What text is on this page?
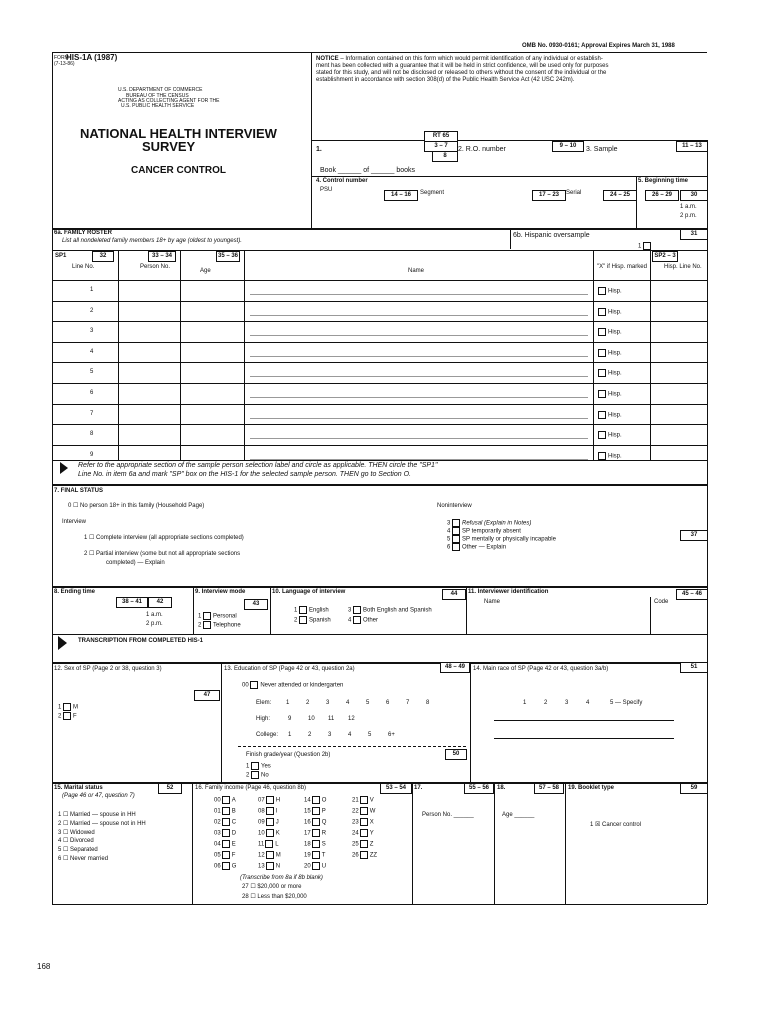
OMB No. 0930-0161; Approval Expires March 31, 1988
FORM
HIS-1A (1987)
(7-13-86)
U.S. DEPARTMENT OF COMMERCE
BUREAU OF THE CENSUS
ACTING AS COLLECTING AGENT FOR THE
U.S. PUBLIC HEALTH SERVICE
NATIONAL HEALTH INTERVIEW
SURVEY
CANCER CONTROL
NOTICE – Information contained on this form which would permit identification of any individual or establish-
ment has been collected with a guarantee that it will be held in strict confidence, will be used only for purposes
stated for this study, and will not be disclosed or released to others without the consent of the individual or the
establishment in accordance with section 308(d) of the Public Health Service Act (42 USC 242m).
RT 65
1.	3 – 7
8
2. R.O. number	9 – 10	3. Sample	11 – 13
Book ______ of ______ books
4. Control number
PSU
14 – 16	Segment	17 – 23	Serial	24 – 25
5. Beginning time
26 – 29	30
1 a.m.
2 p.m.
6a. FAMILY ROSTER
List all nondeleted family members 18+ by age (oldest to youngest).
6b. Hispanic oversample	31
1
SP1	32	33 – 34	35 – 36
Line No.	Person No.
Age	Name
"X" if Hisp. marked
SP2 – 3
Hisp. Line No.
1	Hisp.
2	Hisp.
3	Hisp.
4	Hisp.
5	Hisp.
6	Hisp.
7	Hisp.
8	Hisp.
9	Hisp.
Refer to the appropriate section of the sample person selection label and circle as applicable. THEN circle the "SP1"
Line No. in item 6a and mark "SP" box on the HIS-1 for the selected sample person. THEN go to Section O.
7. FINAL STATUS
0 ☐ No person 18+ in this family (Household Page)
Interview
1 ☐ Complete interview (all appropriate sections completed)
2 ☐ Partial interview (some but not all appropriate sections
completed) — Explain
Noninterview
3 Refusal (Explain in Notes)
4 SP temporarily absent
5 SP mentally or physically incapable
6 Other — Explain
37
8. Ending time
38 – 41	42
1 a.m.
2 p.m.
9. Interview mode
43
1 Personal
2 Telephone
10. Language of interview	44
1 English	3 Both English and Spanish
2 Spanish	4 Other
11. Interviewer identification	45 – 46
Name	Code
TRANSCRIPTION FROM COMPLETED HIS-1
12. Sex of SP (Page 2 or 38, question 3)
47
1 M
2 F
13. Education of SP (Page 42 or 43, question 2a)	48 – 49
00 Never attended or kindergarten
Elem: 1	2	3	4	5	6	7	8
High:	9	10 11 12
College: 1	2	3	4	5	6+
Finish grade/year (Question 2b)	50
1 Yes
2 No
14. Main race of SP (Page 42 or 43, question 3a/b)	51
1	2	3	4	5 — Specify
15. Marital status	52
(Page 46 or 47, question 7)
1 ☐ Married — spouse in HH
2 ☐ Married — spouse not in HH
3 ☐ Widowed
4 ☐ Divorced
5 ☐ Separated
6 ☐ Never married
16. Family income (Page 46, question 8b)	53 – 54
00 A	07 H	14 O	21 V
01 B	08 I	15 P	22 W
02 C	09 J	16 Q	23 X
03 D	10 K	17 R	24 Y
04 E	11 L	18 S	25 Z
05 F	12 M	19 T	26 ZZ
06 G	13 N	20 U
(Transcribe from 8a if 8b blank)
27 ☐ $20,000 or more
28 ☐ Less than $20,000
17.	55 – 56
Person No. ______
18.	57 – 58
Age ______
19. Booklet type	59
1 ☒ Cancer control
168
